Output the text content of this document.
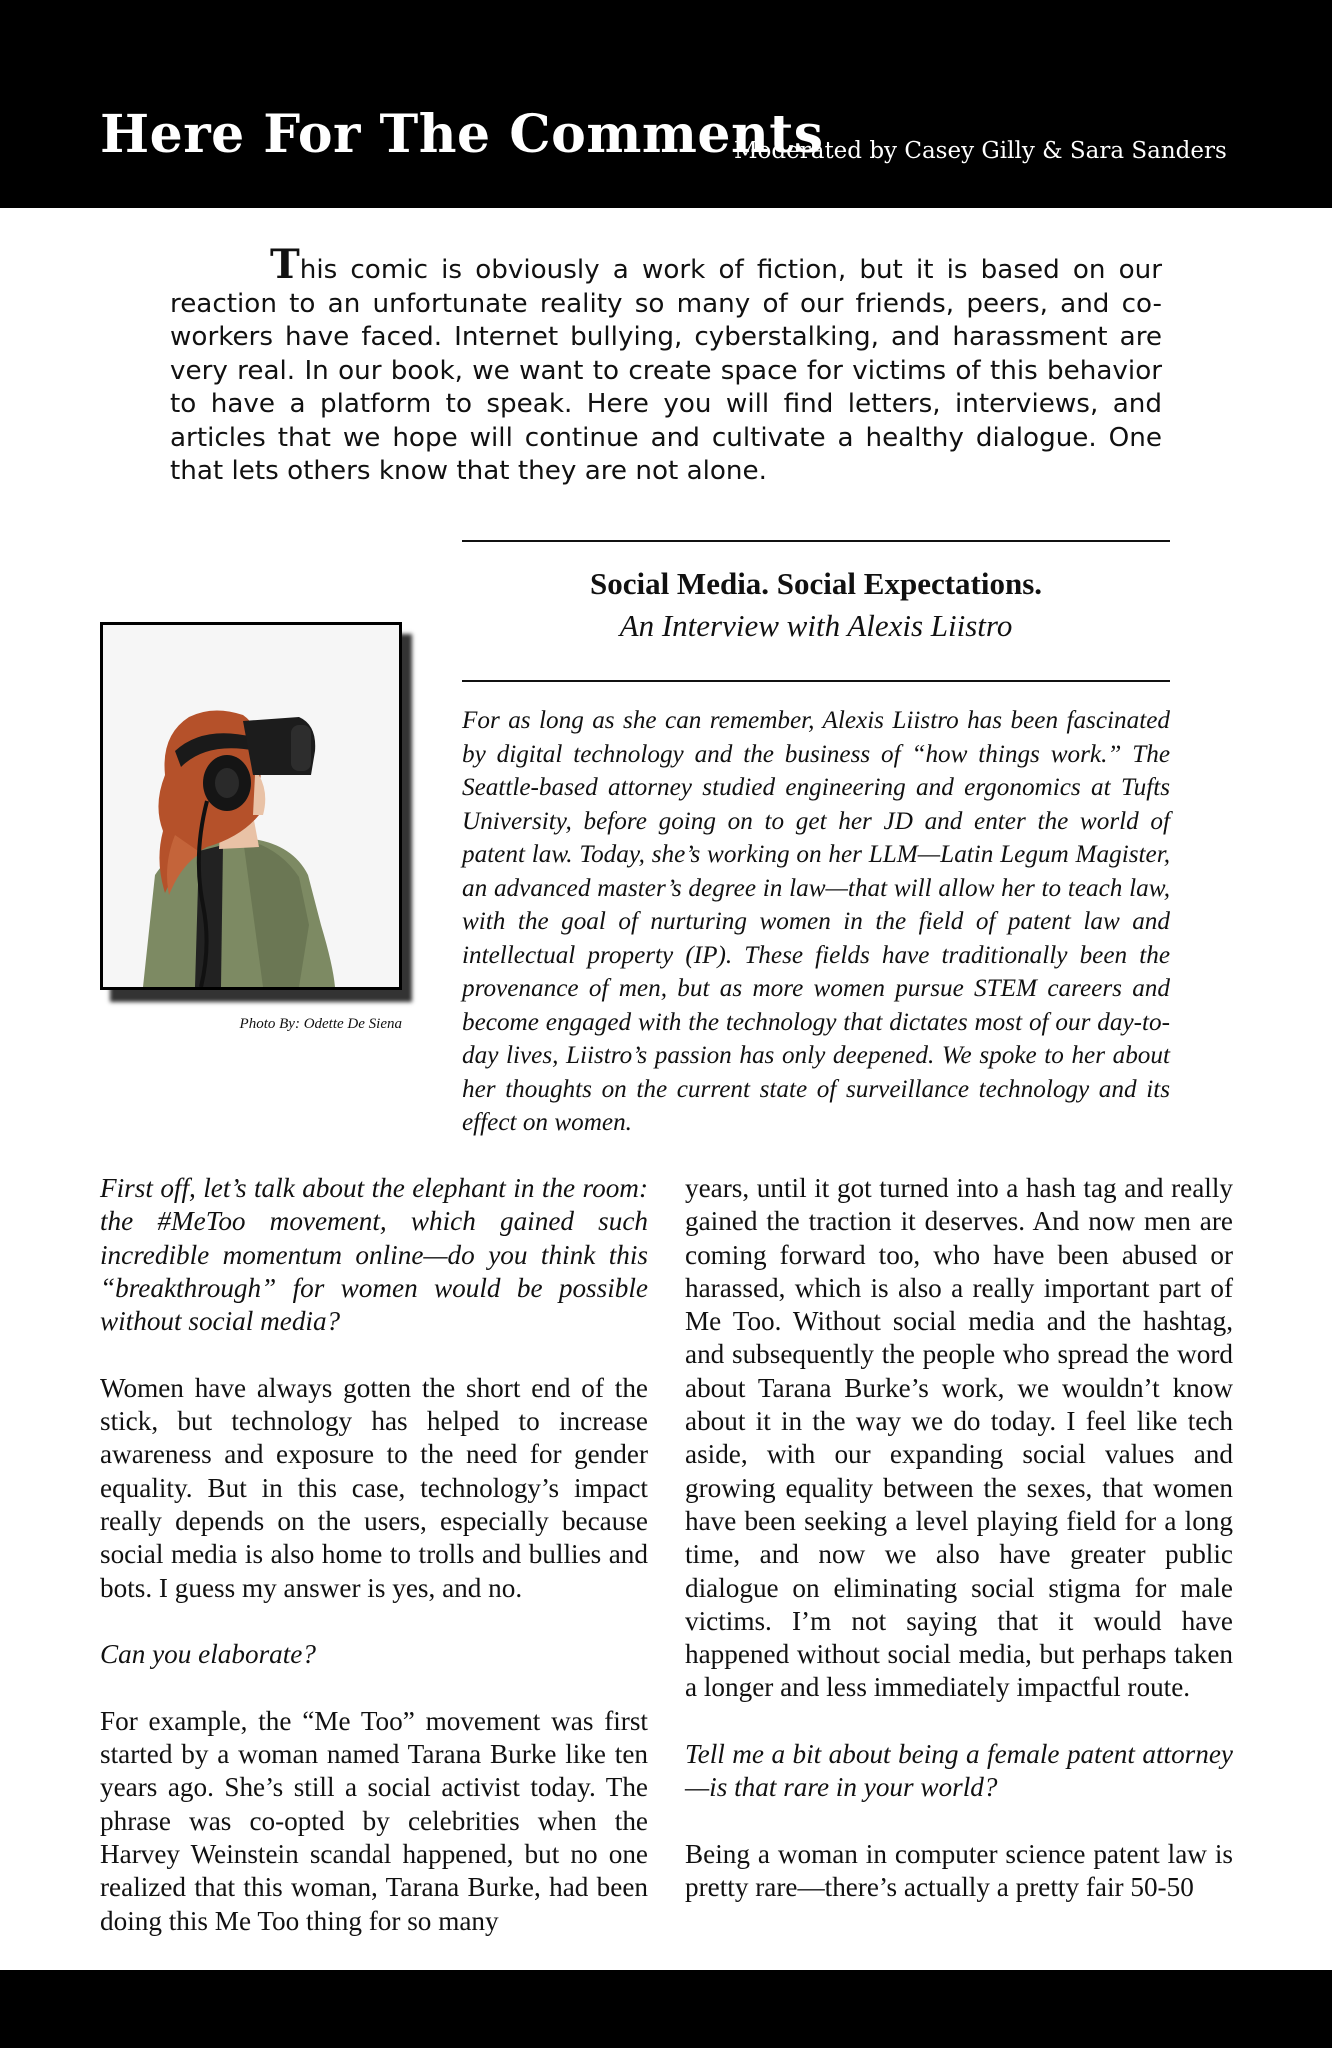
Here For The Comments
Moderated by Casey Gilly & Sara Sanders

This comic is obviously a work of fiction, but it is based on our reaction to an unfortunate reality so many of our friends, peers, and co-workers have faced. Internet bullying, cyberstalking, and harassment are very real. In our book, we want to create space for victims of this behavior to have a platform to speak. Here you will find letters, interviews, and articles that we hope will continue and cultivate a healthy dialogue. One that lets others know that they are not alone.

Social Media. Social Expectations.
An Interview with Alexis Liistro
Photo By: Odette De Siena

For as long as she can remember, Alexis Liistro has been fascinated by digital technology and the business of “how things work.” The Seattle-based attorney studied engineering and ergonomics at Tufts University, before going on to get her JD and enter the world of patent law. Today, she’s working on her LLM—Latin Legum Magister, an advanced master’s degree in law—that will allow her to teach law, with the goal of nurturing women in the field of patent law and intellectual property (IP). These fields have traditionally been the provenance of men, but as more women pursue STEM careers and become engaged with the technology that dictates most of our day-to-day lives, Liistro’s passion has only deepened. We spoke to her about her thoughts on the current state of surveillance technology and its effect on women.

First off, let’s talk about the elephant in the room: the #MeToo movement, which gained such incredible momentum online—do you think this “breakthrough” for women would be possible without social media?

Women have always gotten the short end of the stick, but technology has helped to increase awareness and exposure to the need for gender equality. But in this case, technology’s impact really depends on the users, especially because social media is also home to trolls and bullies and bots. I guess my answer is yes, and no.

Can you elaborate?

For example, the “Me Too” movement was first started by a woman named Tarana Burke like ten years ago. She’s still a social activist today. The phrase was co-opted by celebrities when the Harvey Weinstein scandal happened, but no one realized that this woman, Tarana Burke, had been doing this Me Too thing for so many

years, until it got turned into a hash tag and really gained the traction it deserves. And now men are coming forward too, who have been abused or harassed, which is also a really important part of Me Too. Without social media and the hashtag, and subsequently the people who spread the word about Tarana Burke’s work, we wouldn’t know about it in the way we do today. I feel like tech aside, with our expanding social values and growing equality between the sexes, that women have been seeking a level playing field for a long time, and now we also have greater public dialogue on eliminating social stigma for male victims. I’m not saying that it would have happened without social media, but perhaps taken a longer and less immediately impactful route.

Tell me a bit about being a female patent attorney—is that rare in your world?

Being a woman in computer science patent law is pretty rare—there’s actually a pretty fair 50-50
